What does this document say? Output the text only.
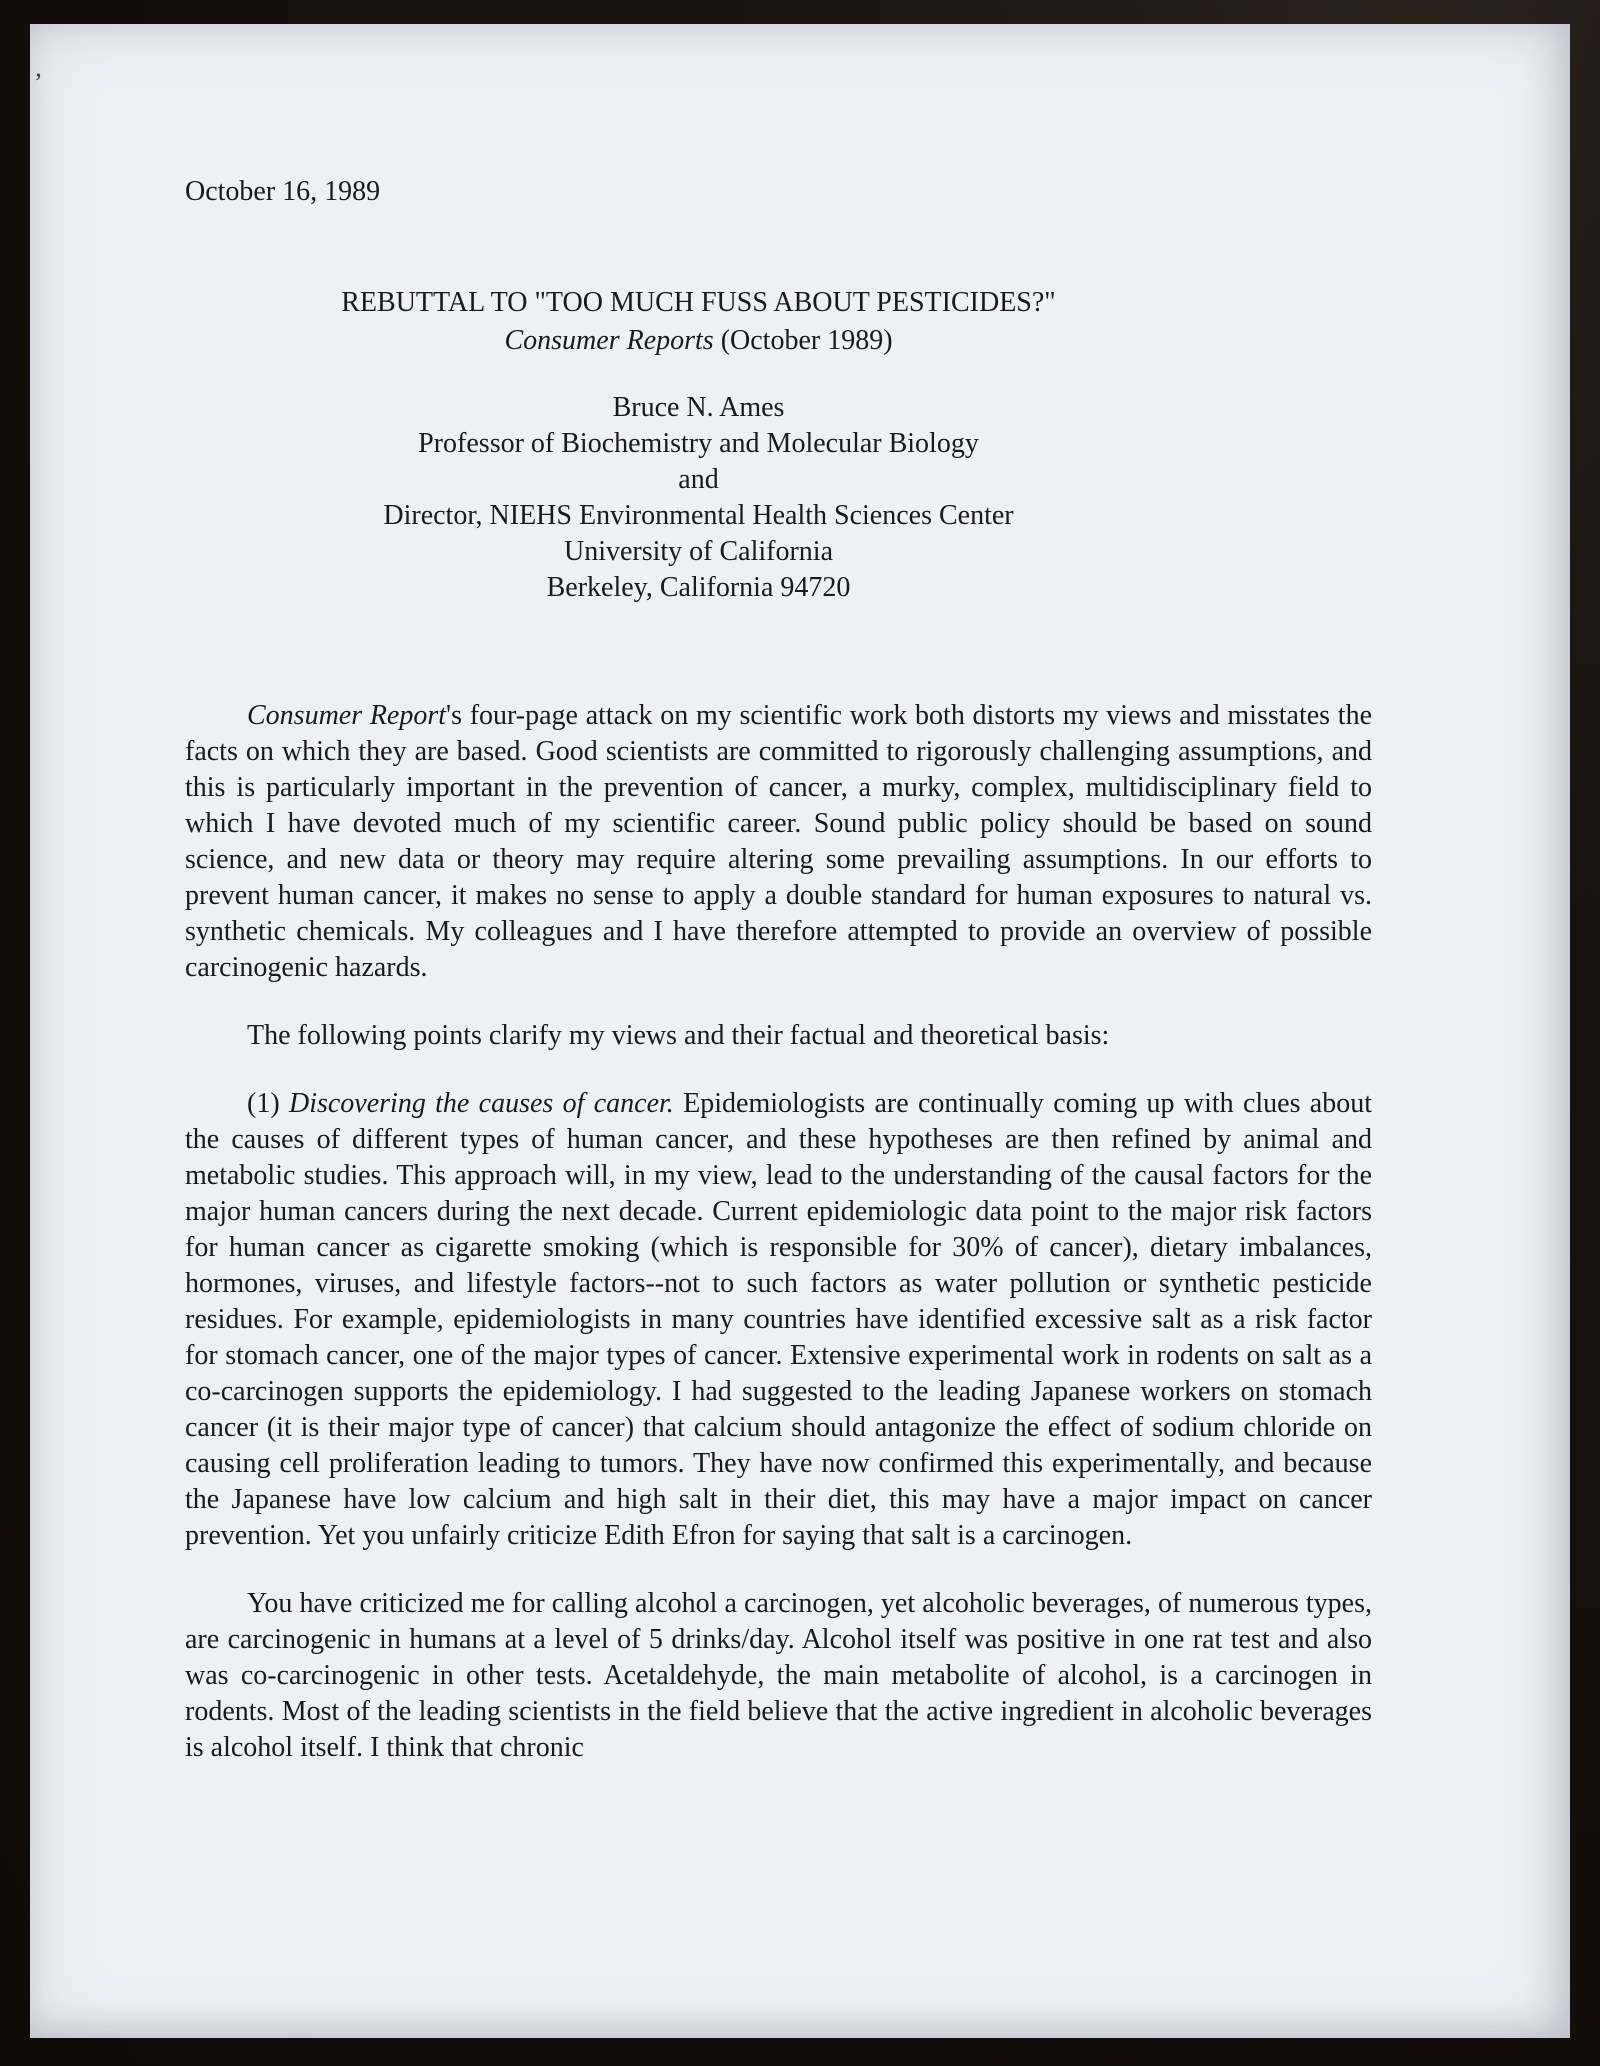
’
October 16, 1989
REBUTTAL TO "TOO MUCH FUSS ABOUT PESTICIDES?"
Consumer Reports (October 1989)
Bruce N. Ames
Professor of Biochemistry and Molecular Biology
and
Director, NIEHS Environmental Health Sciences Center
University of California
Berkeley, California 94720

Consumer Report's four-page attack on my scientific work both distorts my views and misstates the facts on which they are based. Good scientists are committed to rigorously challenging assumptions, and this is particularly important in the prevention of cancer, a murky, complex, multidisciplinary field to which I have devoted much of my scientific career. Sound public policy should be based on sound science, and new data or theory may require altering some prevailing assumptions. In our efforts to prevent human cancer, it makes no sense to apply a double standard for human exposures to natural vs. synthetic chemicals. My colleagues and I have therefore attempted to provide an overview of possible carcinogenic hazards.

The following points clarify my views and their factual and theoretical basis:

(1) Discovering the causes of cancer. Epidemiologists are continually coming up with clues about the causes of different types of human cancer, and these hypotheses are then refined by animal and metabolic studies. This approach will, in my view, lead to the understanding of the causal factors for the major human cancers during the next decade. Current epidemiologic data point to the major risk factors for human cancer as cigarette smoking (which is responsible for 30% of cancer), dietary imbalances, hormones, viruses, and lifestyle factors--not to such factors as water pollution or synthetic pesticide residues. For example, epidemiologists in many countries have identified excessive salt as a risk factor for stomach cancer, one of the major types of cancer. Extensive experimental work in rodents on salt as a co-carcinogen supports the epidemiology. I had suggested to the leading Japanese workers on stomach cancer (it is their major type of cancer) that calcium should antagonize the effect of sodium chloride on causing cell proliferation leading to tumors. They have now confirmed this experimentally, and because the Japanese have low calcium and high salt in their diet, this may have a major impact on cancer prevention. Yet you unfairly criticize Edith Efron for saying that salt is a carcinogen.

You have criticized me for calling alcohol a carcinogen, yet alcoholic beverages, of numerous types, are carcinogenic in humans at a level of 5 drinks/day. Alcohol itself was positive in one rat test and also was co-carcinogenic in other tests. Acetaldehyde, the main metabolite of alcohol, is a carcinogen in rodents. Most of the leading scientists in the field believe that the active ingredient in alcoholic beverages is alcohol itself. I think that chronic
